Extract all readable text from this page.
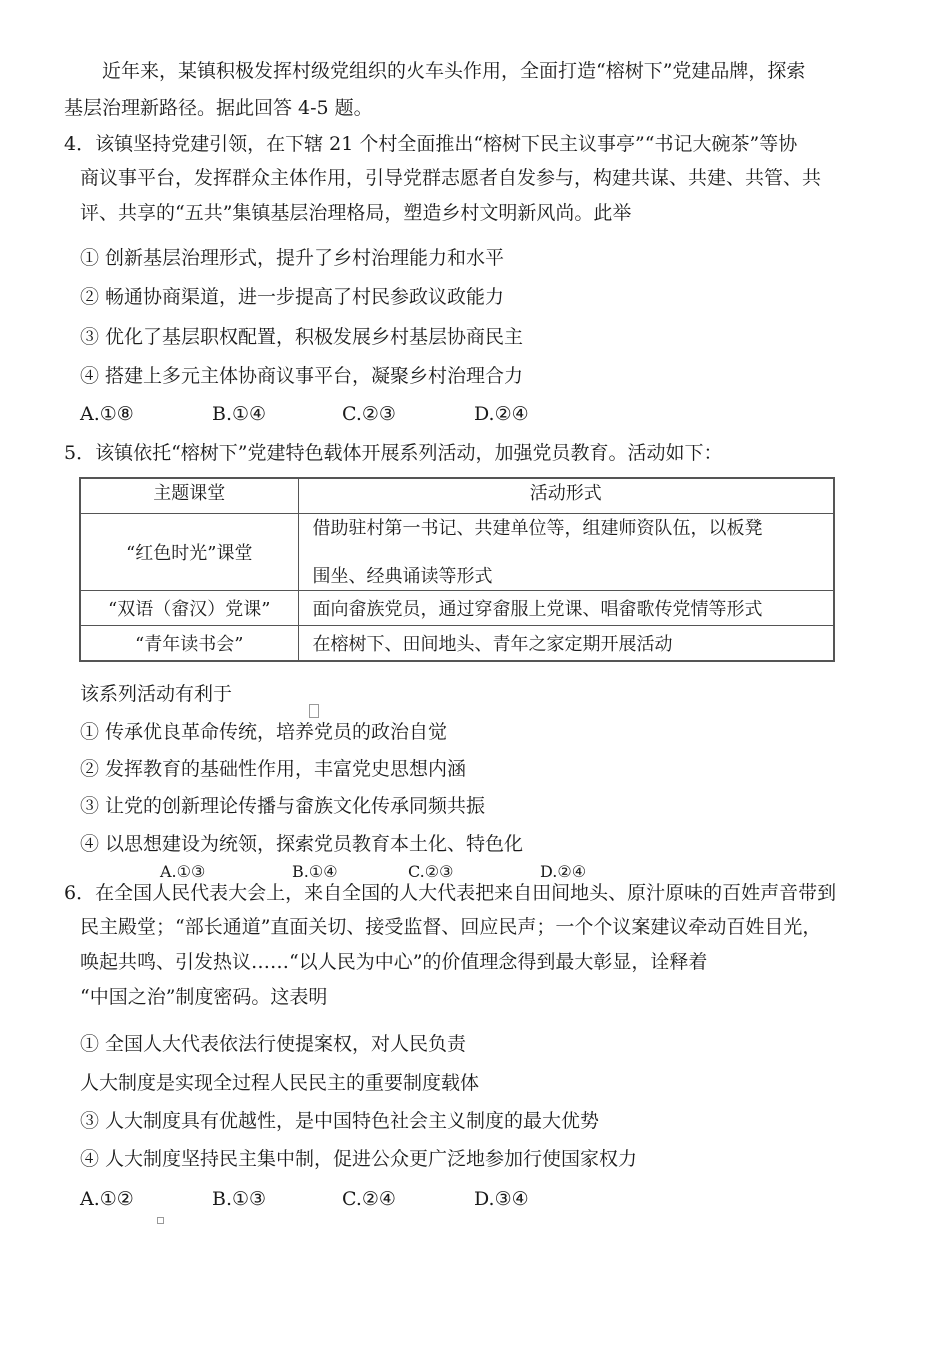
近年来，某镇积极发挥村级党组织的火车头作用，全面打造“榕树下”党建品牌，探索
基层治理新路径。据此回答 4-5 题。
4．该镇坚持党建引领，在下辖 21 个村全面推出“榕树下民主议事亭”“书记大碗茶”等协
商议事平台，发挥群众主体作用，引导党群志愿者自发参与，构建共谋、共建、共管、共
评、共享的“五共”集镇基层治理格局，塑造乡村文明新风尚。此举
① 创新基层治理形式，提升了乡村治理能力和水平
② 畅通协商渠道，进一步提高了村民参政议政能力
③ 优化了基层职权配置，积极发展乡村基层协商民主
④ 搭建上多元主体协商议事平台，凝聚乡村治理合力
A.①⑧	B.①④	C.②③	D.②④
5．该镇依托“榕树下”党建特色载体开展系列活动，加强党员教育。活动如下：
主题课堂	活动形式
“红色时光”课堂	借助驻村第一书记、共建单位等，组建师资队伍，以板凳
围坐、经典诵读等形式

“双语（畲汉）党课”	面向畲族党员，通过穿畲服上党课、唱畲歌传党情等形式
“青年读书会”	在榕树下、田间地头、青年之家定期开展活动
该系列活动有利于
① 传承优良革命传统，培养党员的政治自觉
② 发挥教育的基础性作用，丰富党史思想内涵
③ 让党的创新理论传播与畲族文化传承同频共振
④ 以思想建设为统领，探索党员教育本土化、特色化
A.①③	B.①④	C.②③	D.②④
6．在全国人民代表大会上，来自全国的人大代表把来自田间地头、原汁原味的百姓声音带到
民主殿堂；“部长通道”直面关切、接受监督、回应民声；一个个议案建议牵动百姓目光，
唤起共鸣、引发热议……“以人民为中心”的价值理念得到最大彰显，诠释着
“中国之治”制度密码。这表明
① 全国人大代表依法行使提案权，对人民负责
人大制度是实现全过程人民民主的重要制度载体
③ 人大制度具有优越性，是中国特色社会主义制度的最大优势
④ 人大制度坚持民主集中制，促进公众更广泛地参加行使国家权力
A.①②	B.①③	C.②④	D.③④
